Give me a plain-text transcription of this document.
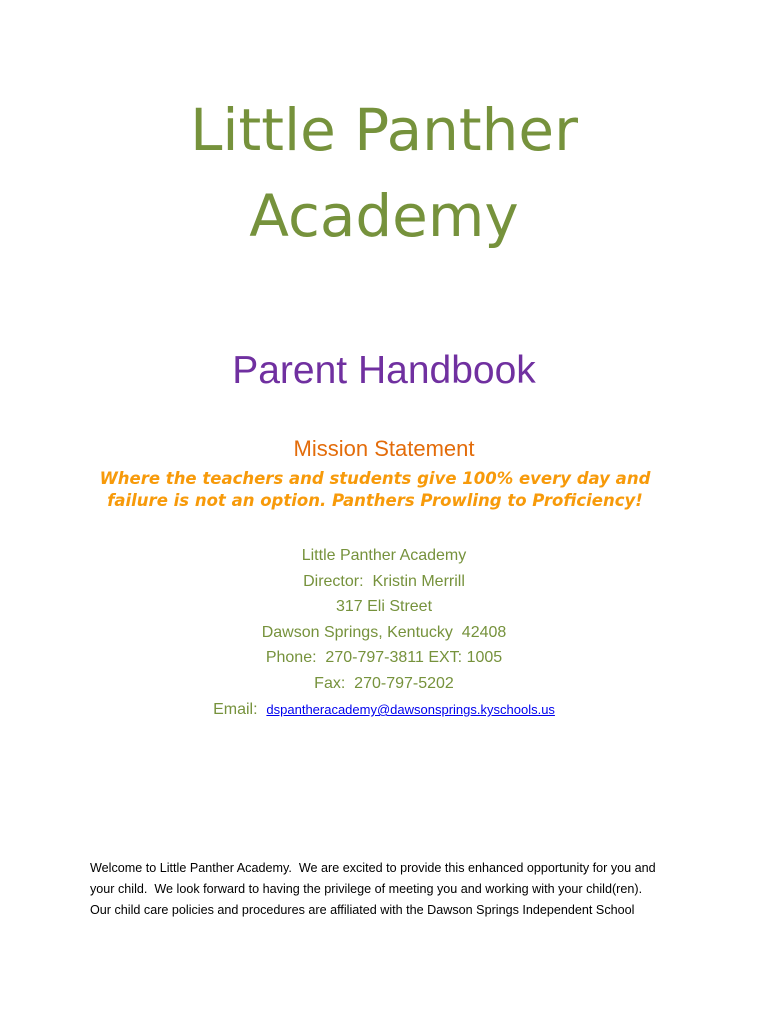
Little Panther
Academy
Parent Handbook
Mission Statement
Where the teachers and students give 100% every day and
failure is not an option. Panthers Prowling to Proficiency!
Little Panther Academy
Director:  Kristin Merrill
317 Eli Street
Dawson Springs, Kentucky  42408
Phone:  270-797-3811 EXT: 1005
Fax:  270-797-5202
Email:  dspantheracademy@dawsonsprings.kyschools.us
Welcome to Little Panther Academy.  We are excited to provide this enhanced opportunity for you and
your child.  We look forward to having the privilege of meeting you and working with your child(ren).
Our child care policies and procedures are affiliated with the Dawson Springs Independent School
